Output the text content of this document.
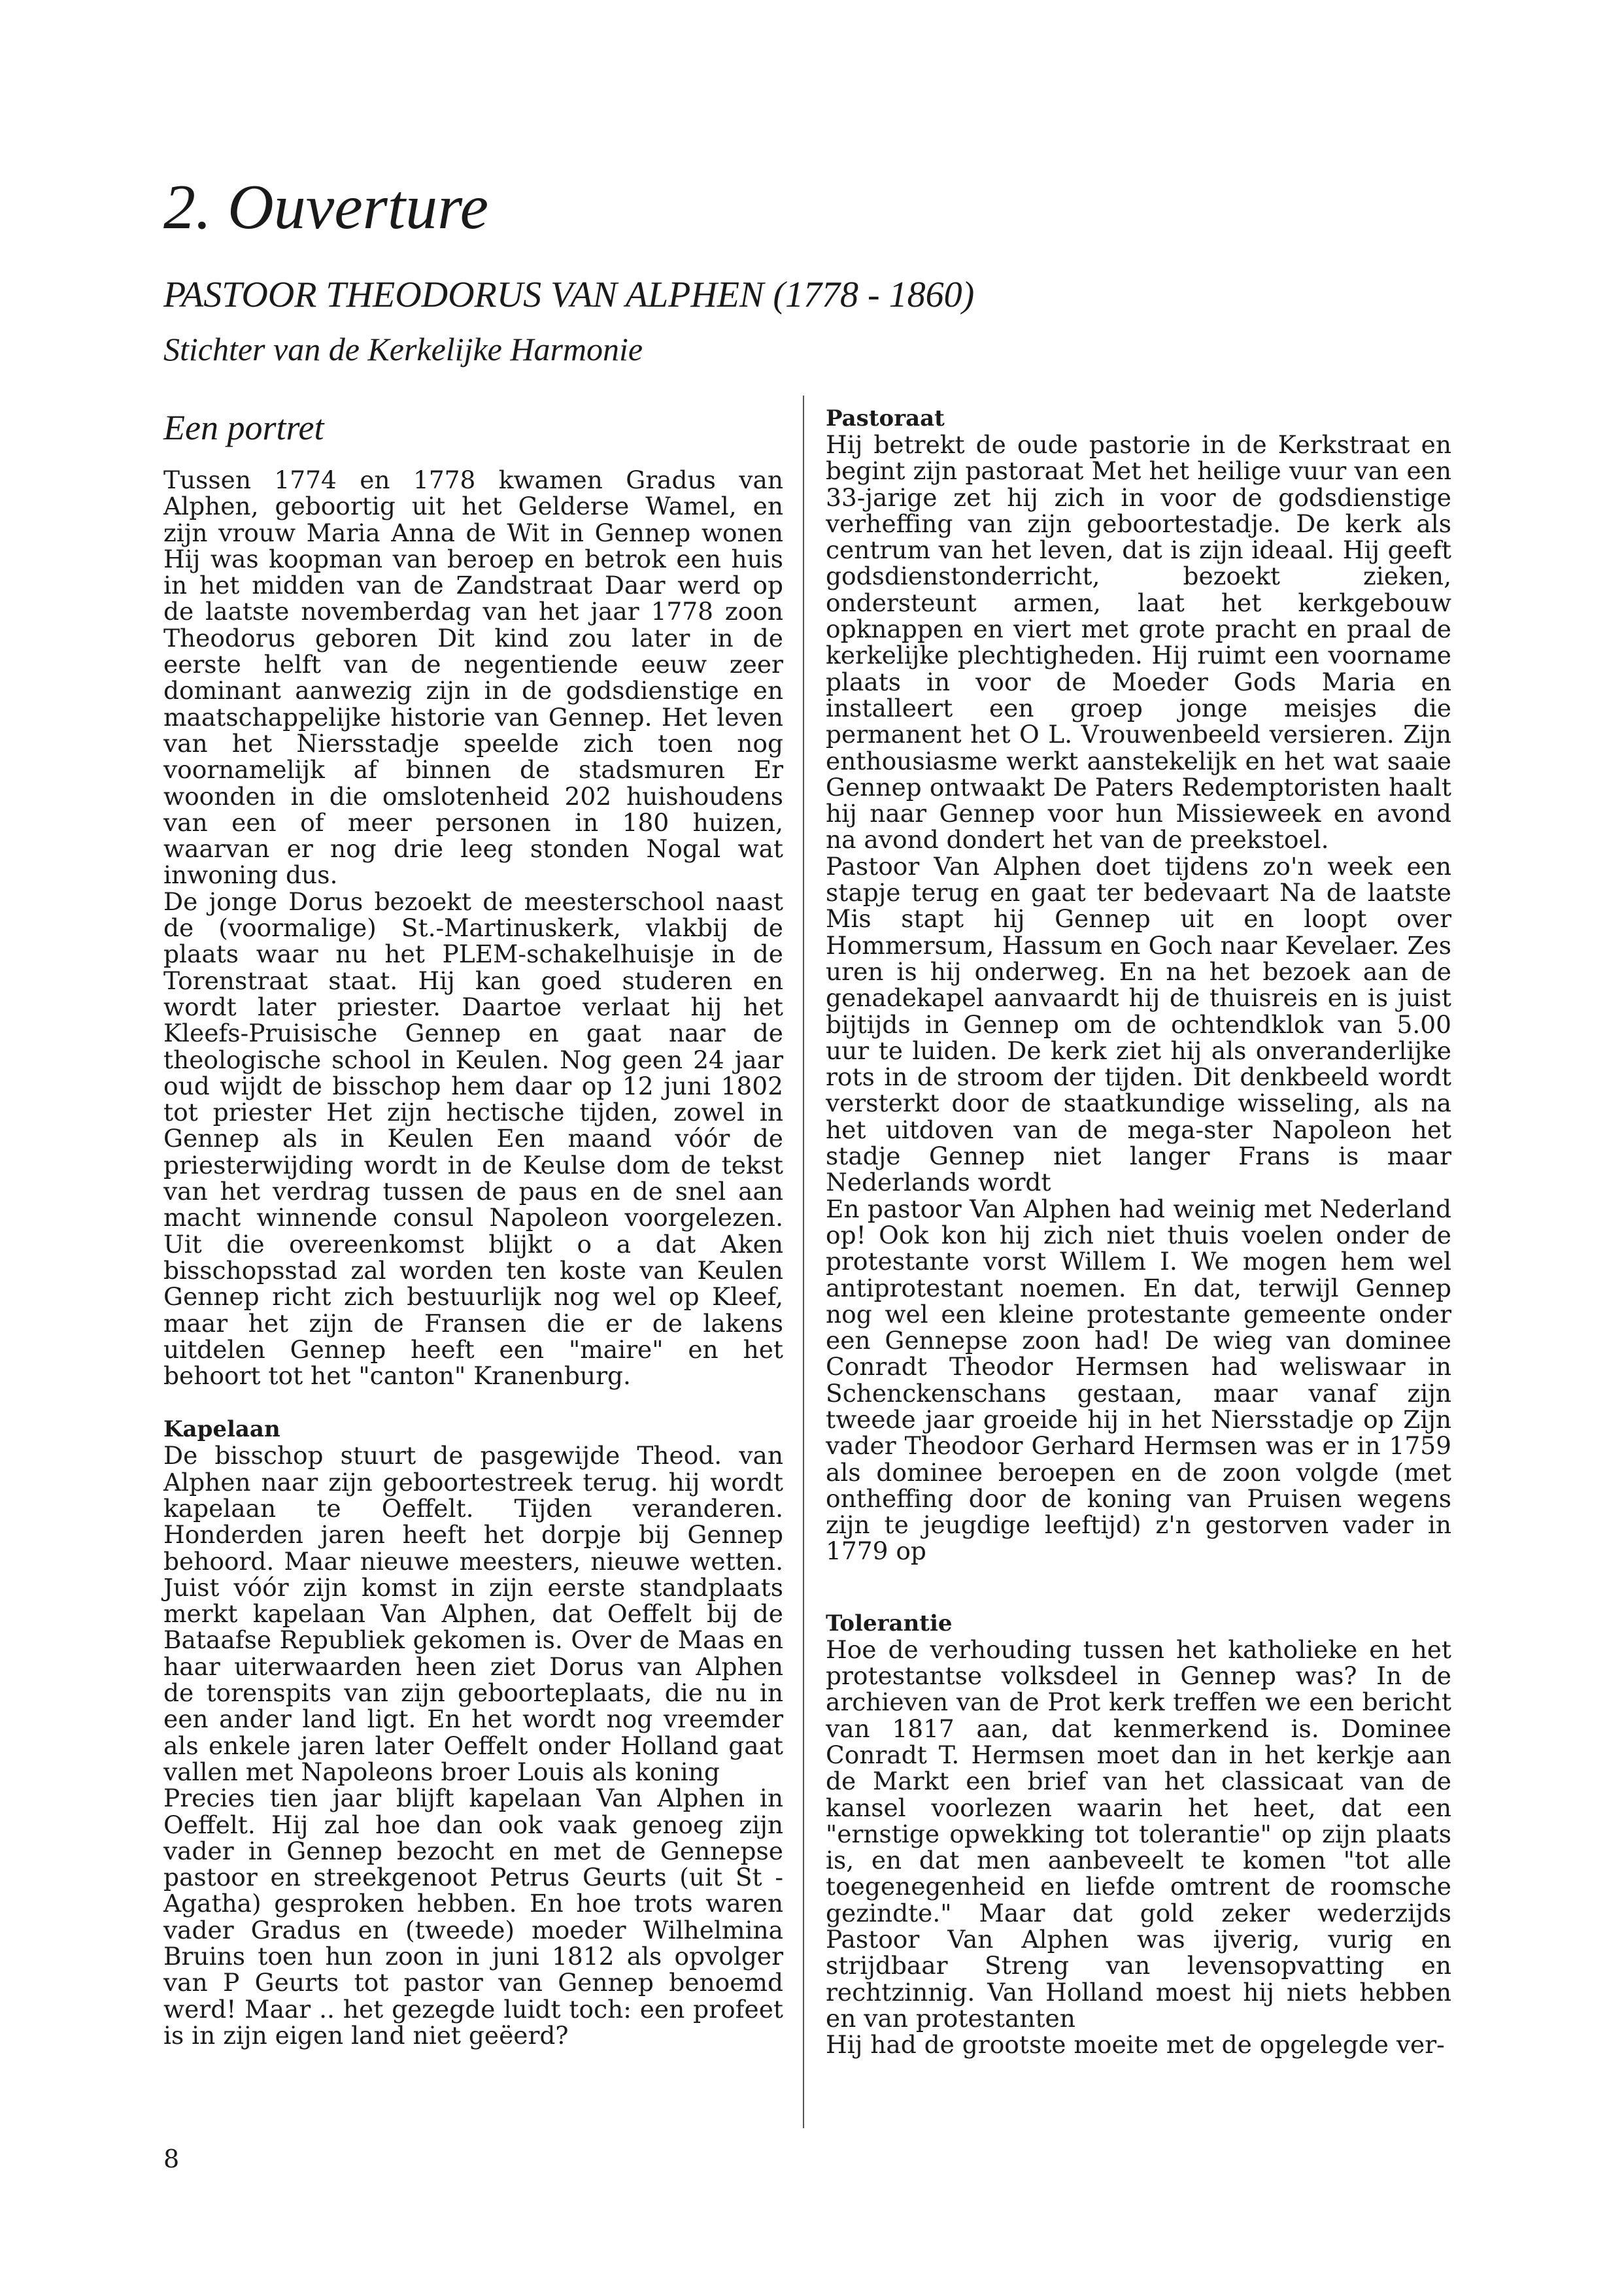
2. Ouverture
PASTOOR THEODORUS VAN ALPHEN (1778 - 1860)
Stichter van de Kerkelijke Harmonie
Een portret

Tussen 1774 en 1778 kwamen Gradus van Alphen, geboortig uit het Gelderse Wamel, en zijn vrouw Maria Anna de Wit in Gennep wonen Hij was koopman van beroep en betrok een huis in het midden van de Zandstraat Daar werd op de laatste novemberdag van het jaar 1778 zoon Theodorus geboren Dit kind zou later in de eerste helft van de negentiende eeuw zeer dominant aanwezig zijn in de godsdienstige en maatschappelijke historie van Gennep. Het leven van het Niersstadje speelde zich toen nog voornamelijk af binnen de stadsmuren Er woonden in die omslotenheid 202 huishoudens van een of meer personen in 180 huizen, waarvan er nog drie leeg stonden Nogal wat inwoning dus.

De jonge Dorus bezoekt de meesterschool naast de (voormalige) St.-Martinuskerk, vlakbij de plaats waar nu het PLEM-schakelhuisje in de Torenstraat staat. Hij kan goed studeren en wordt later priester. Daartoe verlaat hij het Kleefs-Pruisische Gennep en gaat naar de theologische school in Keulen. Nog geen 24 jaar oud wijdt de bisschop hem daar op 12 juni 1802 tot priester Het zijn hectische tijden, zowel in Gennep als in Keulen Een maand vóór de priesterwijding wordt in de Keulse dom de tekst van het verdrag tussen de paus en de snel aan macht winnende consul Napoleon voorgelezen. Uit die overeenkomst blijkt o a dat Aken bisschopsstad zal worden ten koste van Keulen Gennep richt zich bestuurlijk nog wel op Kleef, maar het zijn de Fransen die er de lakens uitdelen Gennep heeft een "maire" en het behoort tot het "canton" Kranenburg.

Kapelaan

De bisschop stuurt de pasgewijde Theod. van Alphen naar zijn geboortestreek terug. hij wordt kapelaan te Oeffelt. Tijden veranderen. Honderden jaren heeft het dorpje bij Gennep behoord. Maar nieuwe meesters, nieuwe wetten. Juist vóór zijn komst in zijn eerste standplaats merkt kapelaan Van Alphen, dat Oeffelt bij de Bataafse Republiek gekomen is. Over de Maas en haar uiterwaarden heen ziet Dorus van Alphen de torenspits van zijn geboorteplaats, die nu in een ander land ligt. En het wordt nog vreemder als enkele jaren later Oeffelt onder Holland gaat vallen met Napoleons broer Louis als koning

Precies tien jaar blijft kapelaan Van Alphen in Oeffelt. Hij zal hoe dan ook vaak genoeg zijn vader in Gennep bezocht en met de Gennepse pastoor en streekgenoot Petrus Geurts (uit St -Agatha) gesproken hebben. En hoe trots waren vader Gradus en (tweede) moeder Wilhelmina Bruins toen hun zoon in juni 1812 als opvolger van P Geurts tot pastor van Gennep benoemd werd! Maar .. het gezegde luidt toch: een profeet is in zijn eigen land niet geëerd?

Pastoraat

Hij betrekt de oude pastorie in de Kerkstraat en begint zijn pastoraat Met het heilige vuur van een 33-jarige zet hij zich in voor de godsdienstige verheffing van zijn geboortestadje. De kerk als centrum van het leven, dat is zijn ideaal. Hij geeft godsdienstonderricht, bezoekt zieken, ondersteunt armen, laat het kerkgebouw opknappen en viert met grote pracht en praal de kerkelijke plechtigheden. Hij ruimt een voorname plaats in voor de Moeder Gods Maria en installeert een groep jonge meisjes die permanent het O L. Vrouwenbeeld versieren. Zijn enthousiasme werkt aanstekelijk en het wat saaie Gennep ontwaakt De Paters Redemptoristen haalt hij naar Gennep voor hun Missieweek en avond na avond dondert het van de preekstoel.

Pastoor Van Alphen doet tijdens zo'n week een stapje terug en gaat ter bedevaart Na de laatste Mis stapt hij Gennep uit en loopt over Hommersum, Hassum en Goch naar Kevelaer. Zes uren is hij onderweg. En na het bezoek aan de genadekapel aanvaardt hij de thuisreis en is juist bijtijds in Gennep om de ochtendklok van 5.00 uur te luiden. De kerk ziet hij als onveranderlijke rots in de stroom der tijden. Dit denkbeeld wordt versterkt door de staatkundige wisseling, als na het uitdoven van de mega-ster Napoleon het stadje Gennep niet langer Frans is maar Nederlands wordt

En pastoor Van Alphen had weinig met Nederland op! Ook kon hij zich niet thuis voelen onder de protestante vorst Willem I. We mogen hem wel antiprotestant noemen. En dat, terwijl Gennep nog wel een kleine protestante gemeente onder een Gennepse zoon had! De wieg van dominee Conradt Theodor Hermsen had weliswaar in Schenckenschans gestaan, maar vanaf zijn tweede jaar groeide hij in het Niersstadje op Zijn vader Theodoor Gerhard Hermsen was er in 1759 als dominee beroepen en de zoon volgde (met ontheffing door de koning van Pruisen wegens zijn te jeugdige leeftijd) z'n gestorven vader in 1779 op

Tolerantie

Hoe de verhouding tussen het katholieke en het protestantse volksdeel in Gennep was? In de archieven van de Prot kerk treffen we een bericht van 1817 aan, dat kenmerkend is. Dominee Conradt T. Hermsen moet dan in het kerkje aan de Markt een brief van het classicaat van de kansel voorlezen waarin het heet, dat een "ernstige opwekking tot tolerantie" op zijn plaats is, en dat men aanbeveelt te komen "tot alle toegenegenheid en liefde omtrent de roomsche gezindte." Maar dat gold zeker wederzijds Pastoor Van Alphen was ijverig, vurig en strijdbaar Streng van levensopvatting en rechtzinnig. Van Holland moest hij niets hebben en van protestanten

Hij had de grootste moeite met de opgelegde ver-

8
